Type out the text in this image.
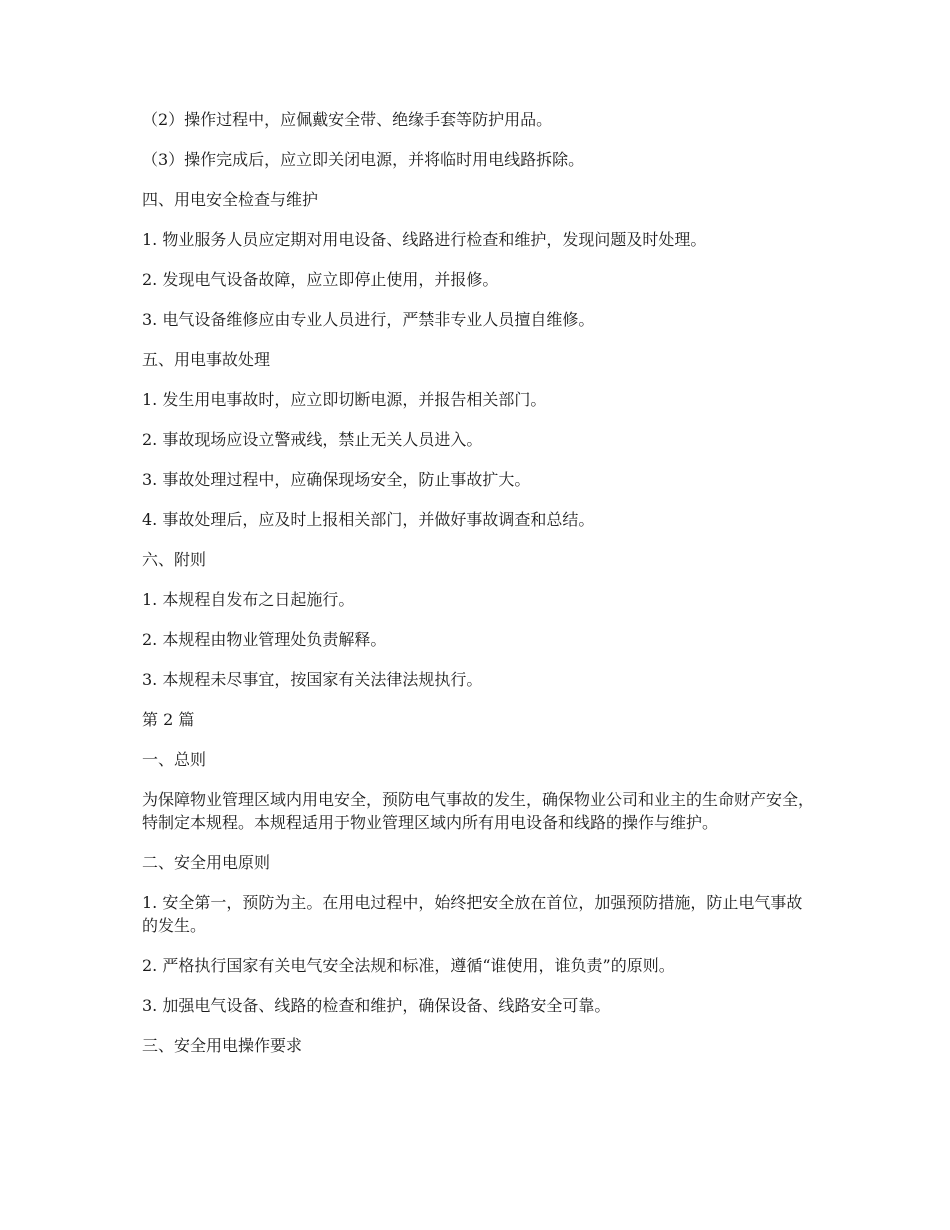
（2）操作过程中，应佩戴安全带、绝缘手套等防护用品。

（3）操作完成后，应立即关闭电源，并将临时用电线路拆除。

四、用电安全检查与维护

1. 物业服务人员应定期对用电设备、线路进行检查和维护，发现问题及时处理。

2. 发现电气设备故障，应立即停止使用，并报修。

3. 电气设备维修应由专业人员进行，严禁非专业人员擅自维修。

五、用电事故处理

1. 发生用电事故时，应立即切断电源，并报告相关部门。

2. 事故现场应设立警戒线，禁止无关人员进入。

3. 事故处理过程中，应确保现场安全，防止事故扩大。

4. 事故处理后，应及时上报相关部门，并做好事故调查和总结。

六、附则

1. 本规程自发布之日起施行。

2. 本规程由物业管理处负责解释。

3. 本规程未尽事宜，按国家有关法律法规执行。

第 2 篇

一、总则

为保障物业管理区域内用电安全，预防电气事故的发生，确保物业公司和业主的生命财产安全，特制定本规程。本规程适用于物业管理区域内所有用电设备和线路的操作与维护。

二、安全用电原则

1. 安全第一，预防为主。在用电过程中，始终把安全放在首位，加强预防措施，防止电气事故的发生。

2. 严格执行国家有关电气安全法规和标准，遵循“谁使用，谁负责”的原则。

3. 加强电气设备、线路的检查和维护，确保设备、线路安全可靠。

三、安全用电操作要求
